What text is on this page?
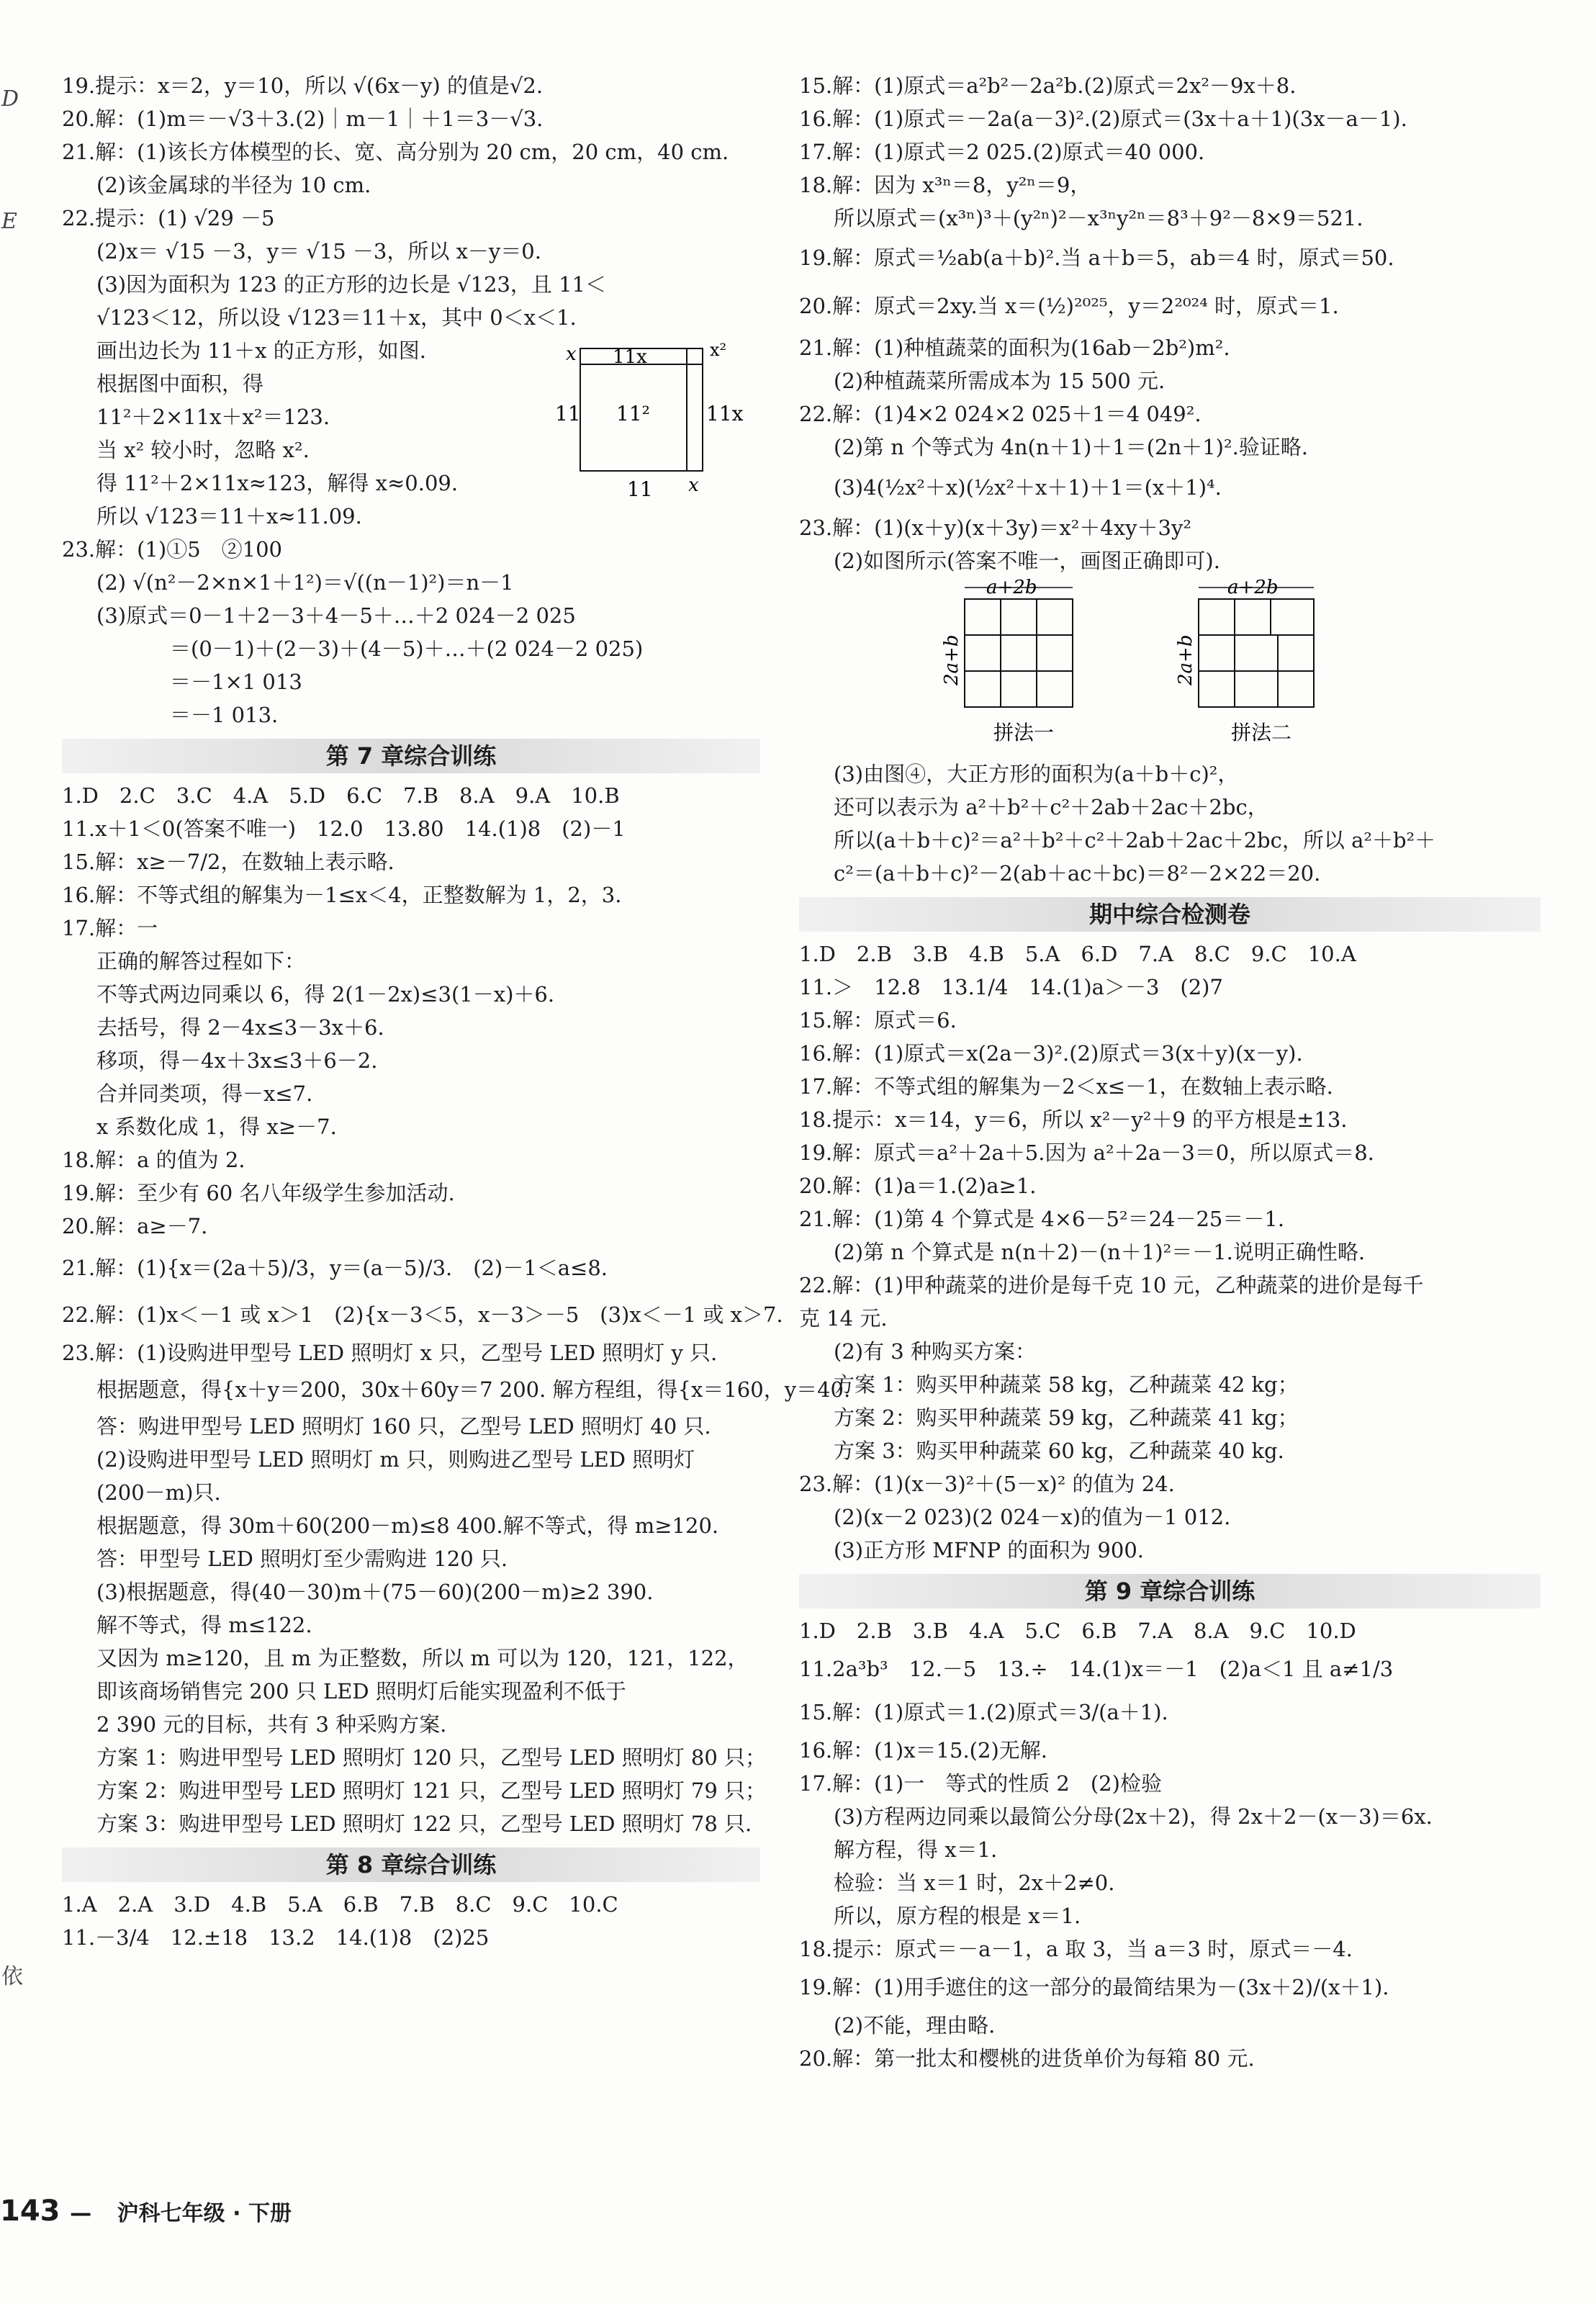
D
E
依
19.提示：x＝2，y＝10，所以 √(6x－y) 的值是√2.
20.解：(1)m＝－√3＋3.(2)｜m－1｜＋1＝3－√3.
21.解：(1)该长方体模型的长、宽、高分别为 20 cm，20 cm，40 cm.
(2)该金属球的半径为 10 cm.
22.提示：(1) √29 －5
(2)x＝ √15 －3，y＝ √15 －3，所以 x－y＝0.
(3)因为面积为 123 的正方形的边长是 √123，且 11＜
√123＜12，所以设 √123＝11＋x，其中 0＜x＜1.
画出边长为 11＋x 的正方形，如图.
根据图中面积，得
11²＋2×11x＋x²＝123.
当 x² 较小时，忽略 x².
得 11²＋2×11x≈123，解得 x≈0.09.
所以 √123＝11＋x≈11.09.
x 11x	x²
11 11²	11x
11 x
23.解：(1)①5　②100
(2) √(n²－2×n×1＋1²)＝√((n－1)²)＝n－1
(3)原式＝0－1＋2－3＋4－5＋…＋2 024－2 025
＝(0－1)＋(2－3)＋(4－5)＋…＋(2 024－2 025)
＝－1×1 013
＝－1 013.
第 7 章综合训练
1.D　2.C　3.C　4.A　5.D　6.C　7.B　8.A　9.A　10.B
11.x＋1＜0(答案不唯一)　12.0　13.80　14.(1)8　(2)－1
15.解：x≥－7/2，在数轴上表示略.
16.解：不等式组的解集为－1≤x＜4，正整数解为 1，2，3.
17.解：一
正确的解答过程如下：
不等式两边同乘以 6，得 2(1－2x)≤3(1－x)＋6.
去括号，得 2－4x≤3－3x＋6.
移项，得－4x＋3x≤3＋6－2.
合并同类项，得－x≤7.
x 系数化成 1，得 x≥－7.
18.解：a 的值为 2.
19.解：至少有 60 名八年级学生参加活动.
20.解：a≥－7.
21.解：(1){x＝(2a＋5)/3，y＝(a－5)/3.　(2)－1＜a≤8.
22.解：(1)x＜－1 或 x＞1　(2){x－3＜5，x－3＞－5　(3)x＜－1 或 x＞7.
23.解：(1)设购进甲型号 LED 照明灯 x 只，乙型号 LED 照明灯 y 只.
根据题意，得{x＋y＝200，30x＋60y＝7 200. 解方程组，得{x＝160，y＝40.
答：购进甲型号 LED 照明灯 160 只，乙型号 LED 照明灯 40 只.
(2)设购进甲型号 LED 照明灯 m 只，则购进乙型号 LED 照明灯
(200－m)只.
根据题意，得 30m＋60(200－m)≤8 400.解不等式，得 m≥120.
答：甲型号 LED 照明灯至少需购进 120 只.
(3)根据题意，得(40－30)m＋(75－60)(200－m)≥2 390.
解不等式，得 m≤122.
又因为 m≥120，且 m 为正整数，所以 m 可以为 120，121，122，
即该商场销售完 200 只 LED 照明灯后能实现盈利不低于
2 390 元的目标，共有 3 种采购方案.
方案 1：购进甲型号 LED 照明灯 120 只，乙型号 LED 照明灯 80 只；
方案 2：购进甲型号 LED 照明灯 121 只，乙型号 LED 照明灯 79 只；
方案 3：购进甲型号 LED 照明灯 122 只，乙型号 LED 照明灯 78 只.
第 8 章综合训练
1.A　2.A　3.D　4.B　5.A　6.B　7.B　8.C　9.C　10.C
11.－3/4　12.±18　13.2　14.(1)8　(2)25
15.解：(1)原式＝a²b²－2a²b.(2)原式＝2x²－9x＋8.
16.解：(1)原式＝－2a(a－3)².(2)原式＝(3x＋a＋1)(3x－a－1).
17.解：(1)原式＝2 025.(2)原式＝40 000.
18.解：因为 x³ⁿ＝8，y²ⁿ＝9，
所以原式＝(x³ⁿ)³＋(y²ⁿ)²－x³ⁿy²ⁿ＝8³＋9²－8×9＝521.
19.解：原式＝½ab(a＋b)².当 a＋b＝5，ab＝4 时，原式＝50.
20.解：原式＝2xy.当 x＝(½)²⁰²⁵，y＝2²⁰²⁴ 时，原式＝1.
21.解：(1)种植蔬菜的面积为(16ab－2b²)m².
(2)种植蔬菜所需成本为 15 500 元.
22.解：(1)4×2 024×2 025＋1＝4 049².
(2)第 n 个等式为 4n(n＋1)＋1＝(2n＋1)².验证略.
(3)4(½x²＋x)(½x²＋x＋1)＋1＝(x＋1)⁴.
23.解：(1)(x＋y)(x＋3y)＝x²＋4xy＋3y²
(2)如图所示(答案不唯一，画图正确即可).
a+2b
2a+b
拼法一

a+2b
2a+b
拼法二
(3)由图④，大正方形的面积为(a＋b＋c)²，
还可以表示为 a²＋b²＋c²＋2ab＋2ac＋2bc，
所以(a＋b＋c)²＝a²＋b²＋c²＋2ab＋2ac＋2bc，所以 a²＋b²＋
c²＝(a＋b＋c)²－2(ab＋ac＋bc)＝8²－2×22＝20.
期中综合检测卷
1.D　2.B　3.B　4.B　5.A　6.D　7.A　8.C　9.C　10.A
11.＞　12.8　13.1/4　14.(1)a＞－3　(2)7
15.解：原式＝6.
16.解：(1)原式＝x(2a－3)².(2)原式＝3(x＋y)(x－y).
17.解：不等式组的解集为－2＜x≤－1，在数轴上表示略.
18.提示：x＝14，y＝6，所以 x²－y²＋9 的平方根是±13.
19.解：原式＝a²＋2a＋5.因为 a²＋2a－3＝0，所以原式＝8.
20.解：(1)a＝1.(2)a≥1.
21.解：(1)第 4 个算式是 4×6－5²＝24－25＝－1.
(2)第 n 个算式是 n(n＋2)－(n＋1)²＝－1.说明正确性略.
22.解：(1)甲种蔬菜的进价是每千克 10 元，乙种蔬菜的进价是每千
克 14 元.
(2)有 3 种购买方案：
方案 1：购买甲种蔬菜 58 kg，乙种蔬菜 42 kg；
方案 2：购买甲种蔬菜 59 kg，乙种蔬菜 41 kg；
方案 3：购买甲种蔬菜 60 kg，乙种蔬菜 40 kg.
23.解：(1)(x－3)²＋(5－x)² 的值为 24.
(2)(x－2 023)(2 024－x)的值为－1 012.
(3)正方形 MFNP 的面积为 900.
第 9 章综合训练
1.D　2.B　3.B　4.A　5.C　6.B　7.A　8.A　9.C　10.D
11.2a³b³　12.－5　13.÷　14.(1)x＝－1　(2)a＜1 且 a≠1/3
15.解：(1)原式＝1.(2)原式＝3/(a＋1).
16.解：(1)x＝15.(2)无解.
17.解：(1)一　等式的性质 2　(2)检验
(3)方程两边同乘以最简公分母(2x＋2)，得 2x＋2－(x－3)＝6x.
解方程，得 x＝1.
检验：当 x＝1 时，2x＋2≠0.
所以，原方程的根是 x＝1.
18.提示：原式＝－a－1，a 取 3，当 a＝3 时，原式＝－4.
19.解：(1)用手遮住的这一部分的最简结果为－(3x＋2)/(x＋1).
(2)不能，理由略.
20.解：第一批太和樱桃的进货单价为每箱 80 元.
143 — 沪科七年级 · 下册
